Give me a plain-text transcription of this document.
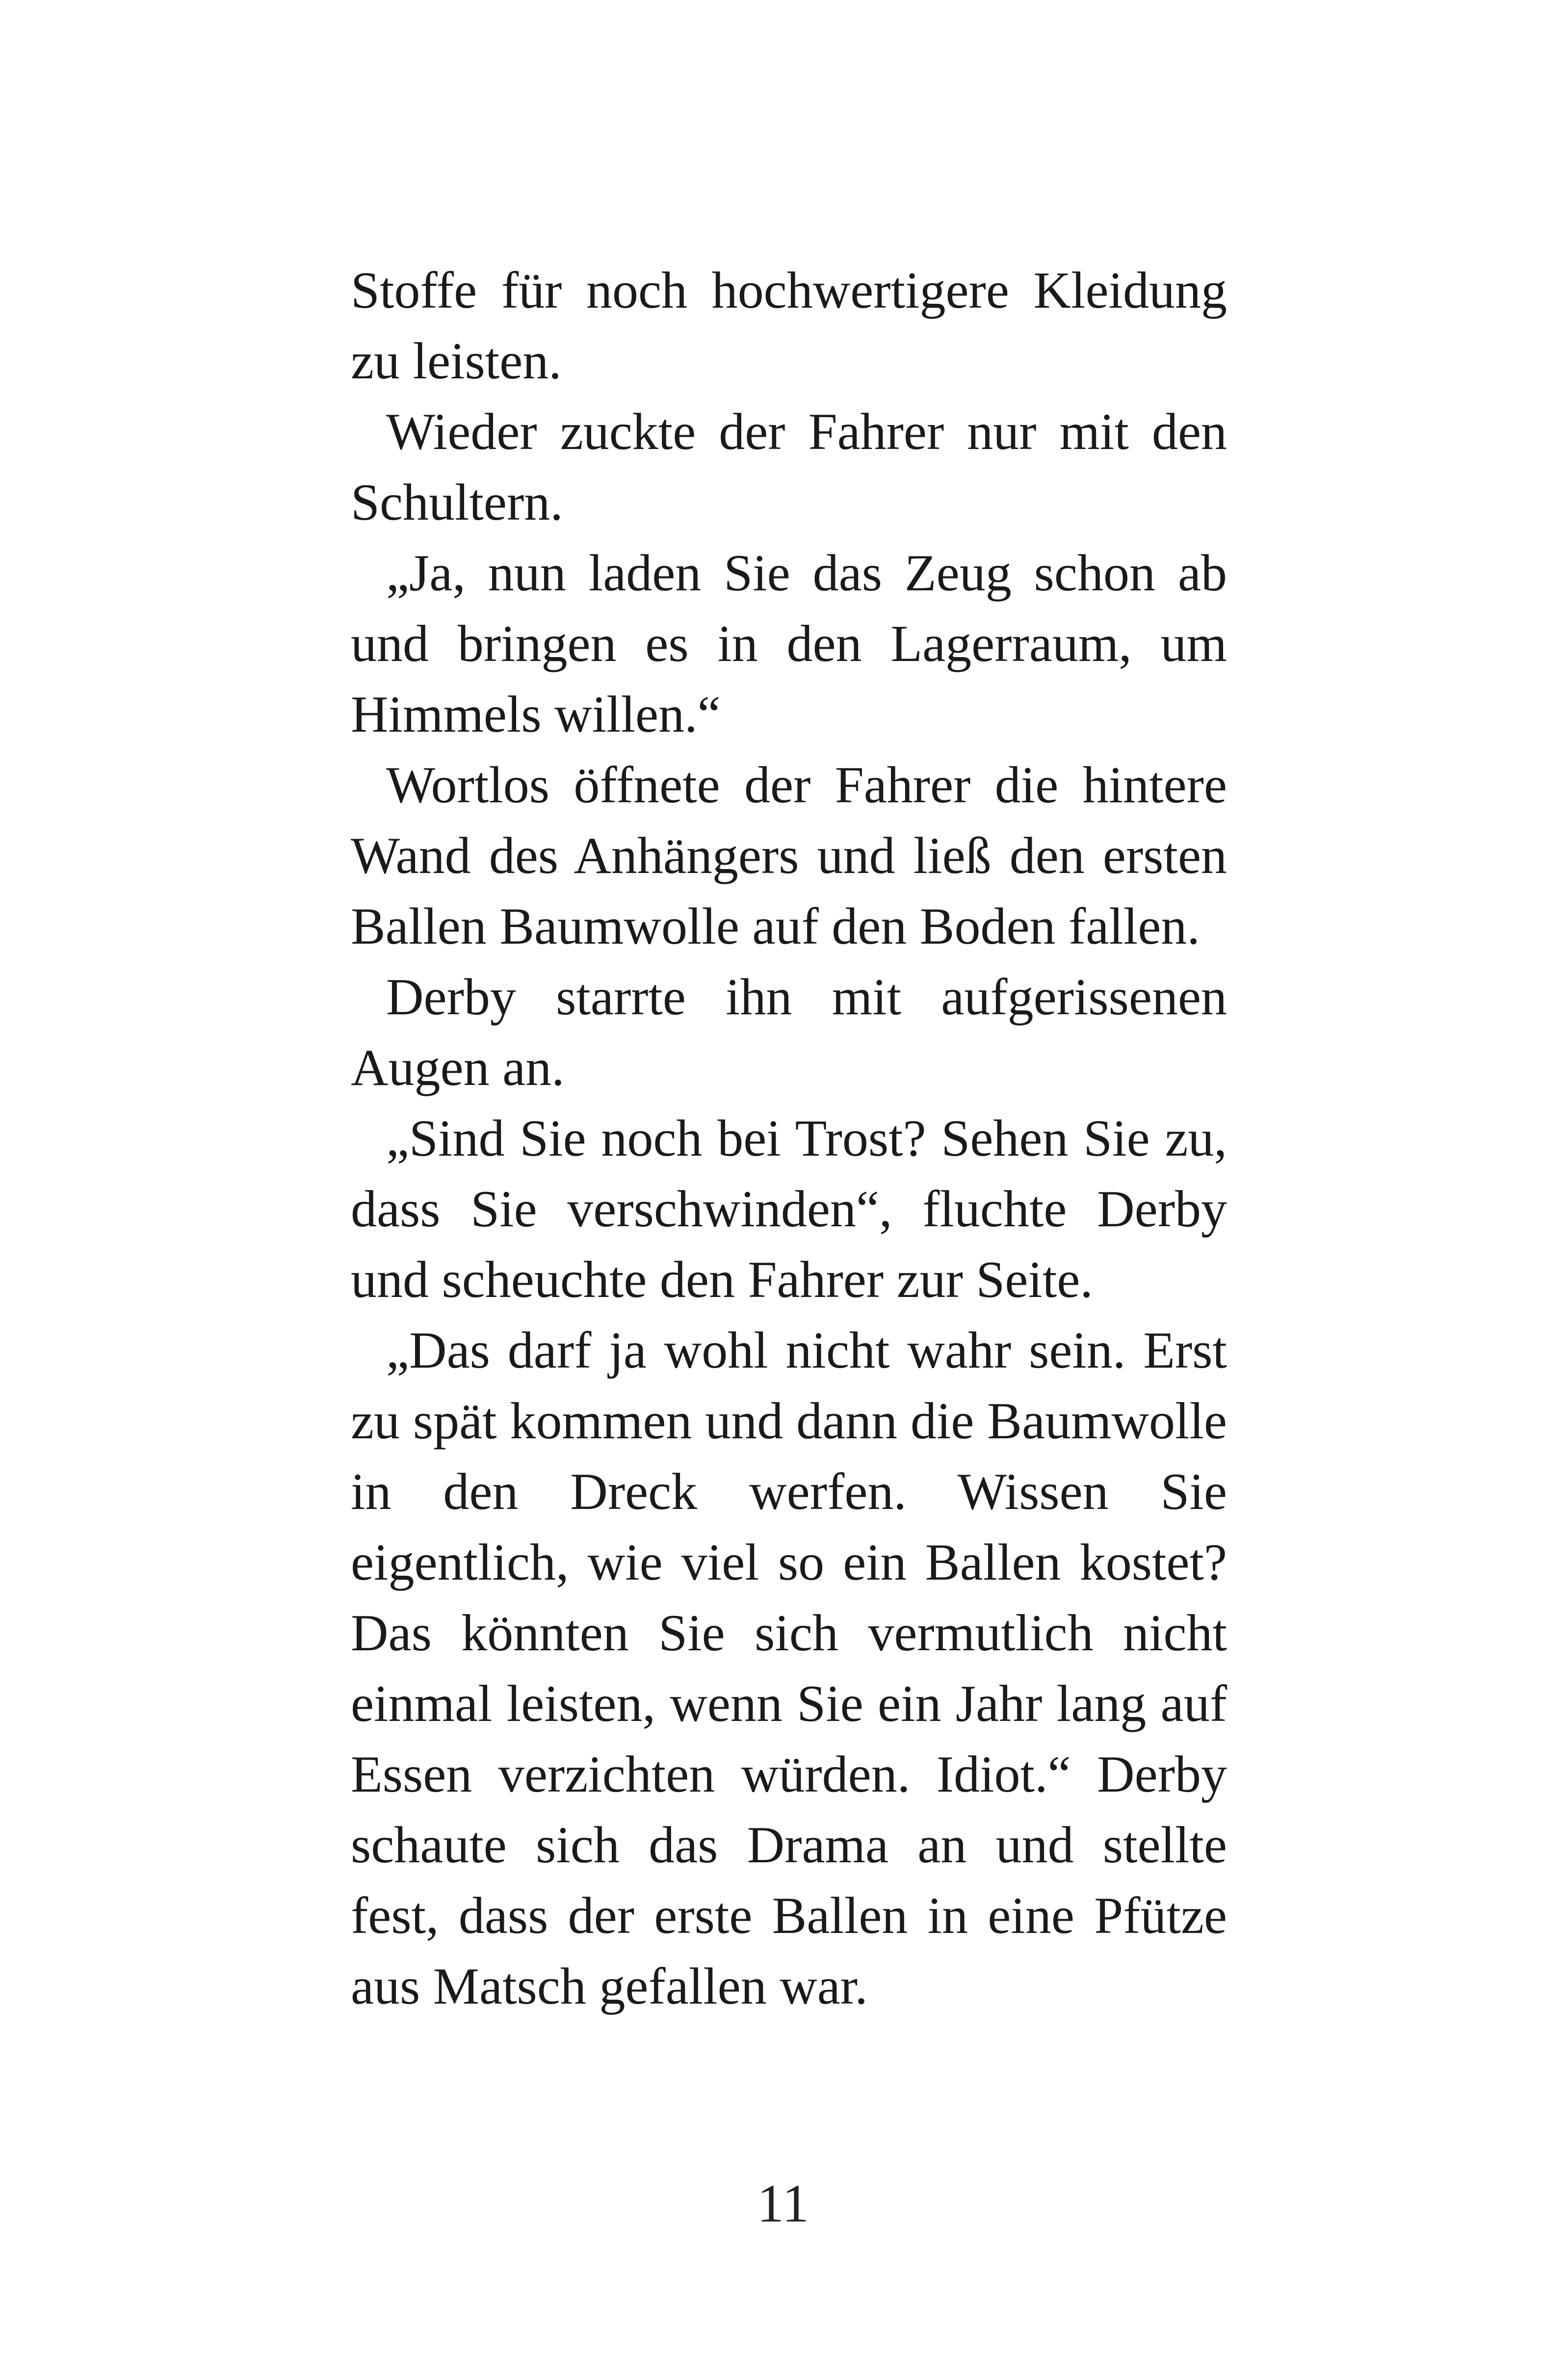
Stoffe für noch hochwertigere Kleidung zu leisten.

Wieder zuckte der Fahrer nur mit den Schultern.

„Ja, nun laden Sie das Zeug schon ab und bringen es in den Lagerraum, um Himmels willen.“

Wortlos öffnete der Fahrer die hintere Wand des Anhängers und ließ den ersten Ballen Baumwolle auf den Boden fallen.

Derby starrte ihn mit aufgerissenen Augen an.

„Sind Sie noch bei Trost? Sehen Sie zu, dass Sie verschwinden“, fluchte Derby und scheuchte den Fahrer zur Seite.

„Das darf ja wohl nicht wahr sein. Erst zu spät kommen und dann die Baumwolle in den Dreck werfen. Wissen Sie eigentlich, wie viel so ein Ballen kostet? Das könnten Sie sich vermutlich nicht einmal leisten, wenn Sie ein Jahr lang auf Essen verzichten würden. Idiot.“ Derby schaute sich das Drama an und stellte fest, dass der erste Ballen in eine Pfütze aus Matsch gefallen war.

11
